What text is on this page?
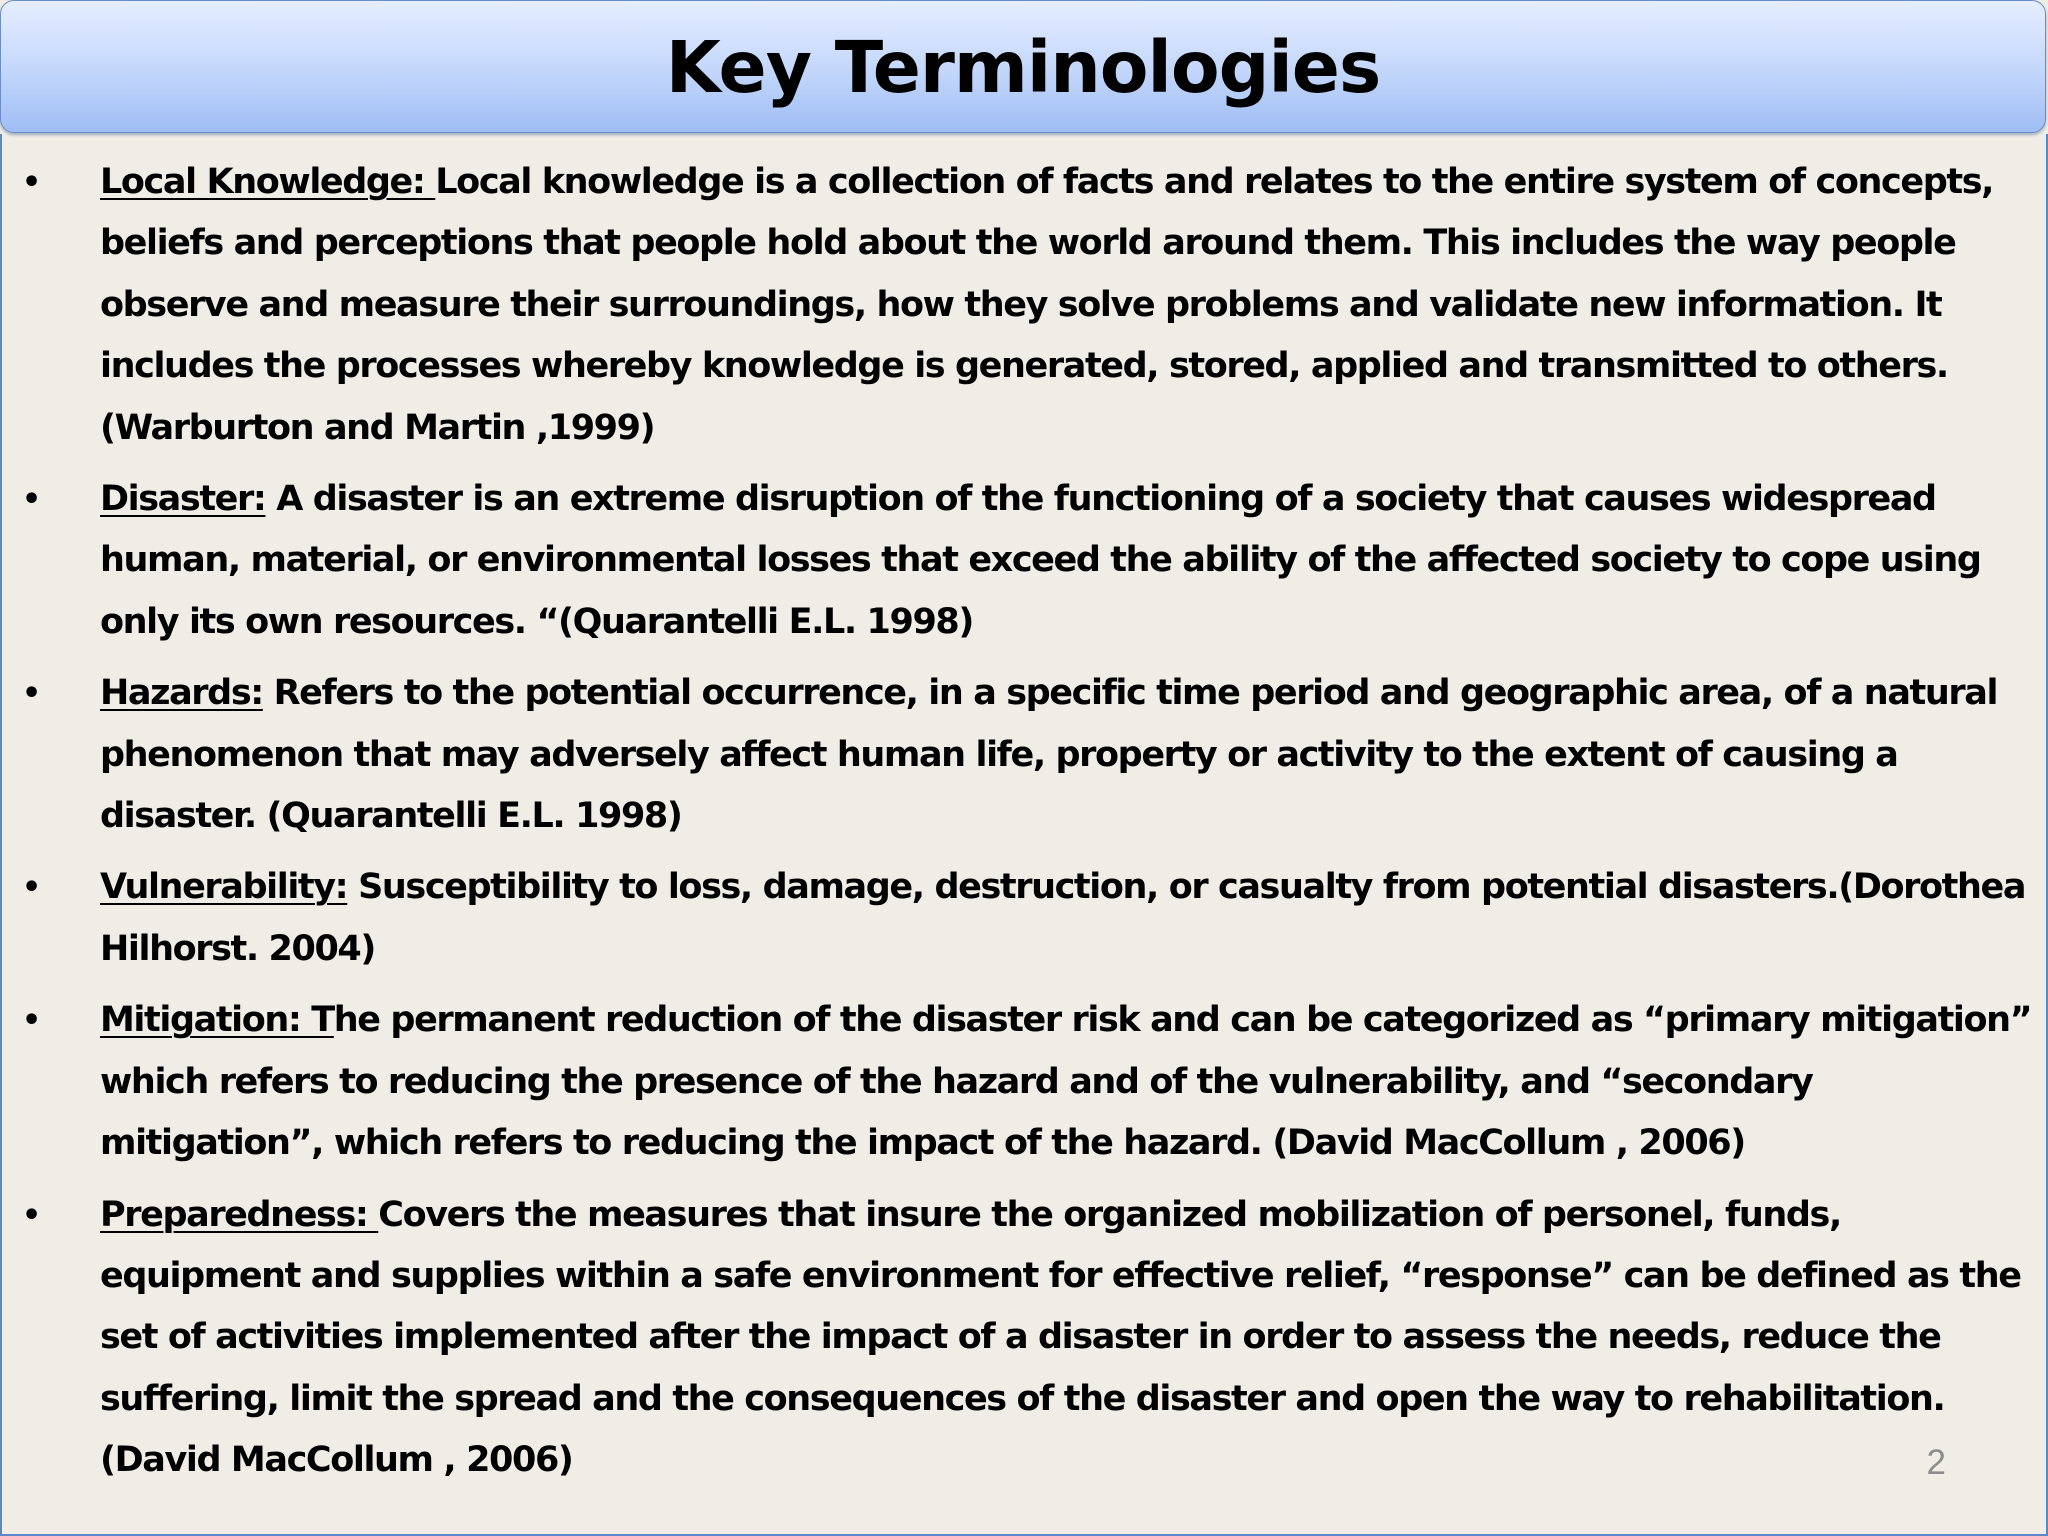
Key Terminologies
• Local Knowledge: Local knowledge is a collection of facts and relates to the entire system of concepts, beliefs and perceptions that people hold about the world around them. This includes the way people observe and measure their surroundings, how they solve problems and validate new information. It includes the processes whereby knowledge is generated, stored, applied and transmitted to others. (Warburton and Martin ,1999)
• Disaster: A disaster is an extreme disruption of the functioning of a society that causes widespread human, material, or environmental losses that exceed the ability of the affected society to cope using only its own resources. “(Quarantelli E.L. 1998)
• Hazards: Refers to the potential occurrence, in a specific time period and geographic area, of a natural phenomenon that may adversely affect human life, property or activity to the extent of causing a disaster. (Quarantelli E.L. 1998)
• Vulnerability: Susceptibility to loss, damage, destruction, or casualty from potential disasters.(Dorothea Hilhorst. 2004)
• Mitigation: The permanent reduction of the disaster risk and can be categorized as “primary mitigation” which refers to reducing the presence of the hazard and of the vulnerability, and “secondary mitigation”, which refers to reducing the impact of the hazard. (David MacCollum , 2006)
• Preparedness: Covers the measures that insure the organized mobilization of personel, funds, equipment and supplies within a safe environment for effective relief, “response” can be defined as the set of activities implemented after the impact of a disaster in order to assess the needs, reduce the suffering, limit the spread and the consequences of the disaster and open the way to rehabilitation. (David MacCollum , 2006)	2
